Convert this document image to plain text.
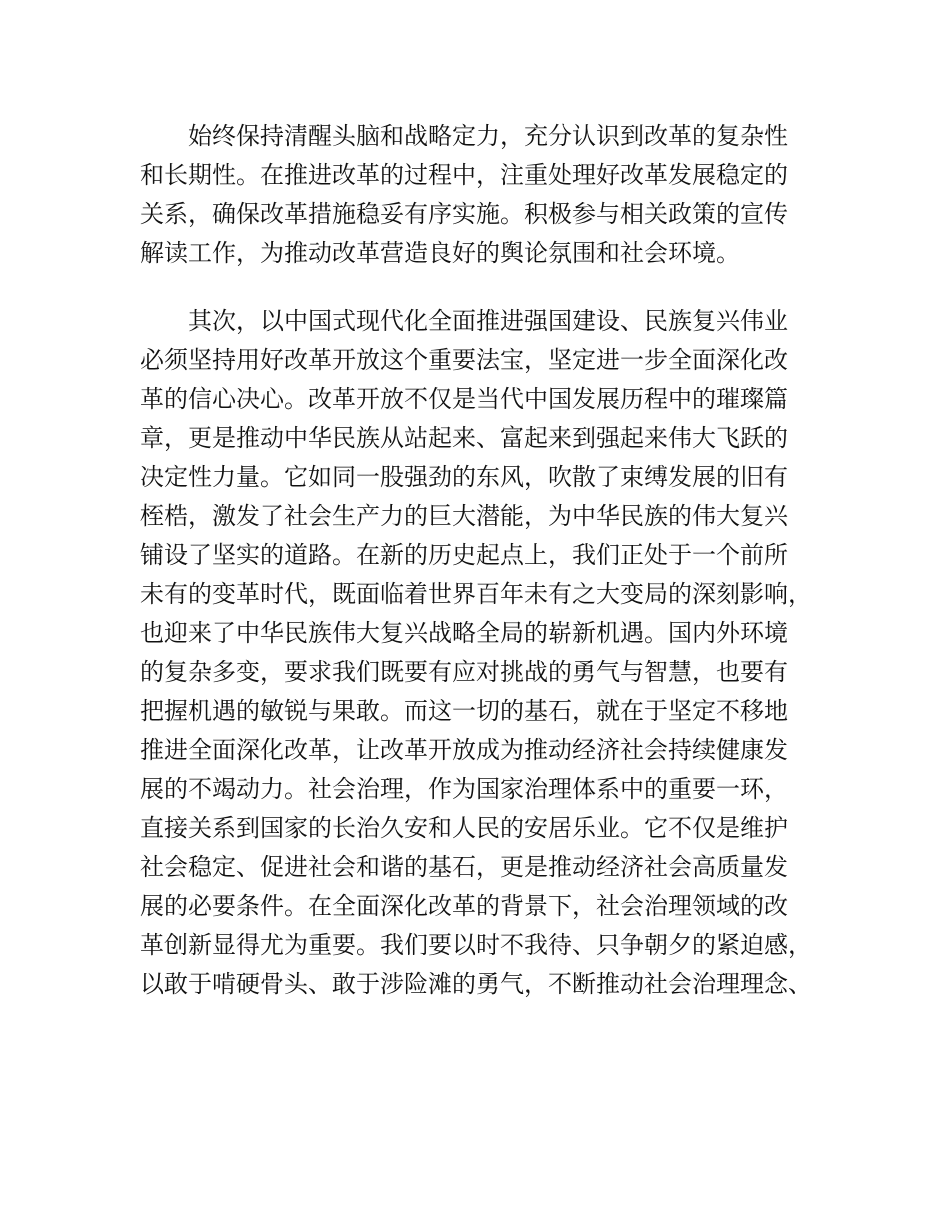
始终保持清醒头脑和战略定力，充分认识到改革的复杂性
和长期性。在推进改革的过程中，注重处理好改革发展稳定的
关系，确保改革措施稳妥有序实施。积极参与相关政策的宣传
解读工作，为推动改革营造良好的舆论氛围和社会环境。
其次，以中国式现代化全面推进强国建设、民族复兴伟业
必须坚持用好改革开放这个重要法宝，坚定进一步全面深化改
革的信心决心。改革开放不仅是当代中国发展历程中的璀璨篇
章，更是推动中华民族从站起来、富起来到强起来伟大飞跃的
决定性力量。它如同一股强劲的东风，吹散了束缚发展的旧有
桎梏，激发了社会生产力的巨大潜能，为中华民族的伟大复兴
铺设了坚实的道路。在新的历史起点上，我们正处于一个前所
未有的变革时代，既面临着世界百年未有之大变局的深刻影响，
也迎来了中华民族伟大复兴战略全局的崭新机遇。国内外环境
的复杂多变，要求我们既要有应对挑战的勇气与智慧，也要有
把握机遇的敏锐与果敢。而这一切的基石，就在于坚定不移地
推进全面深化改革，让改革开放成为推动经济社会持续健康发
展的不竭动力。社会治理，作为国家治理体系中的重要一环，
直接关系到国家的长治久安和人民的安居乐业。它不仅是维护
社会稳定、促进社会和谐的基石，更是推动经济社会高质量发
展的必要条件。在全面深化改革的背景下，社会治理领域的改
革创新显得尤为重要。我们要以时不我待、只争朝夕的紧迫感，
以敢于啃硬骨头、敢于涉险滩的勇气，不断推动社会治理理念、
